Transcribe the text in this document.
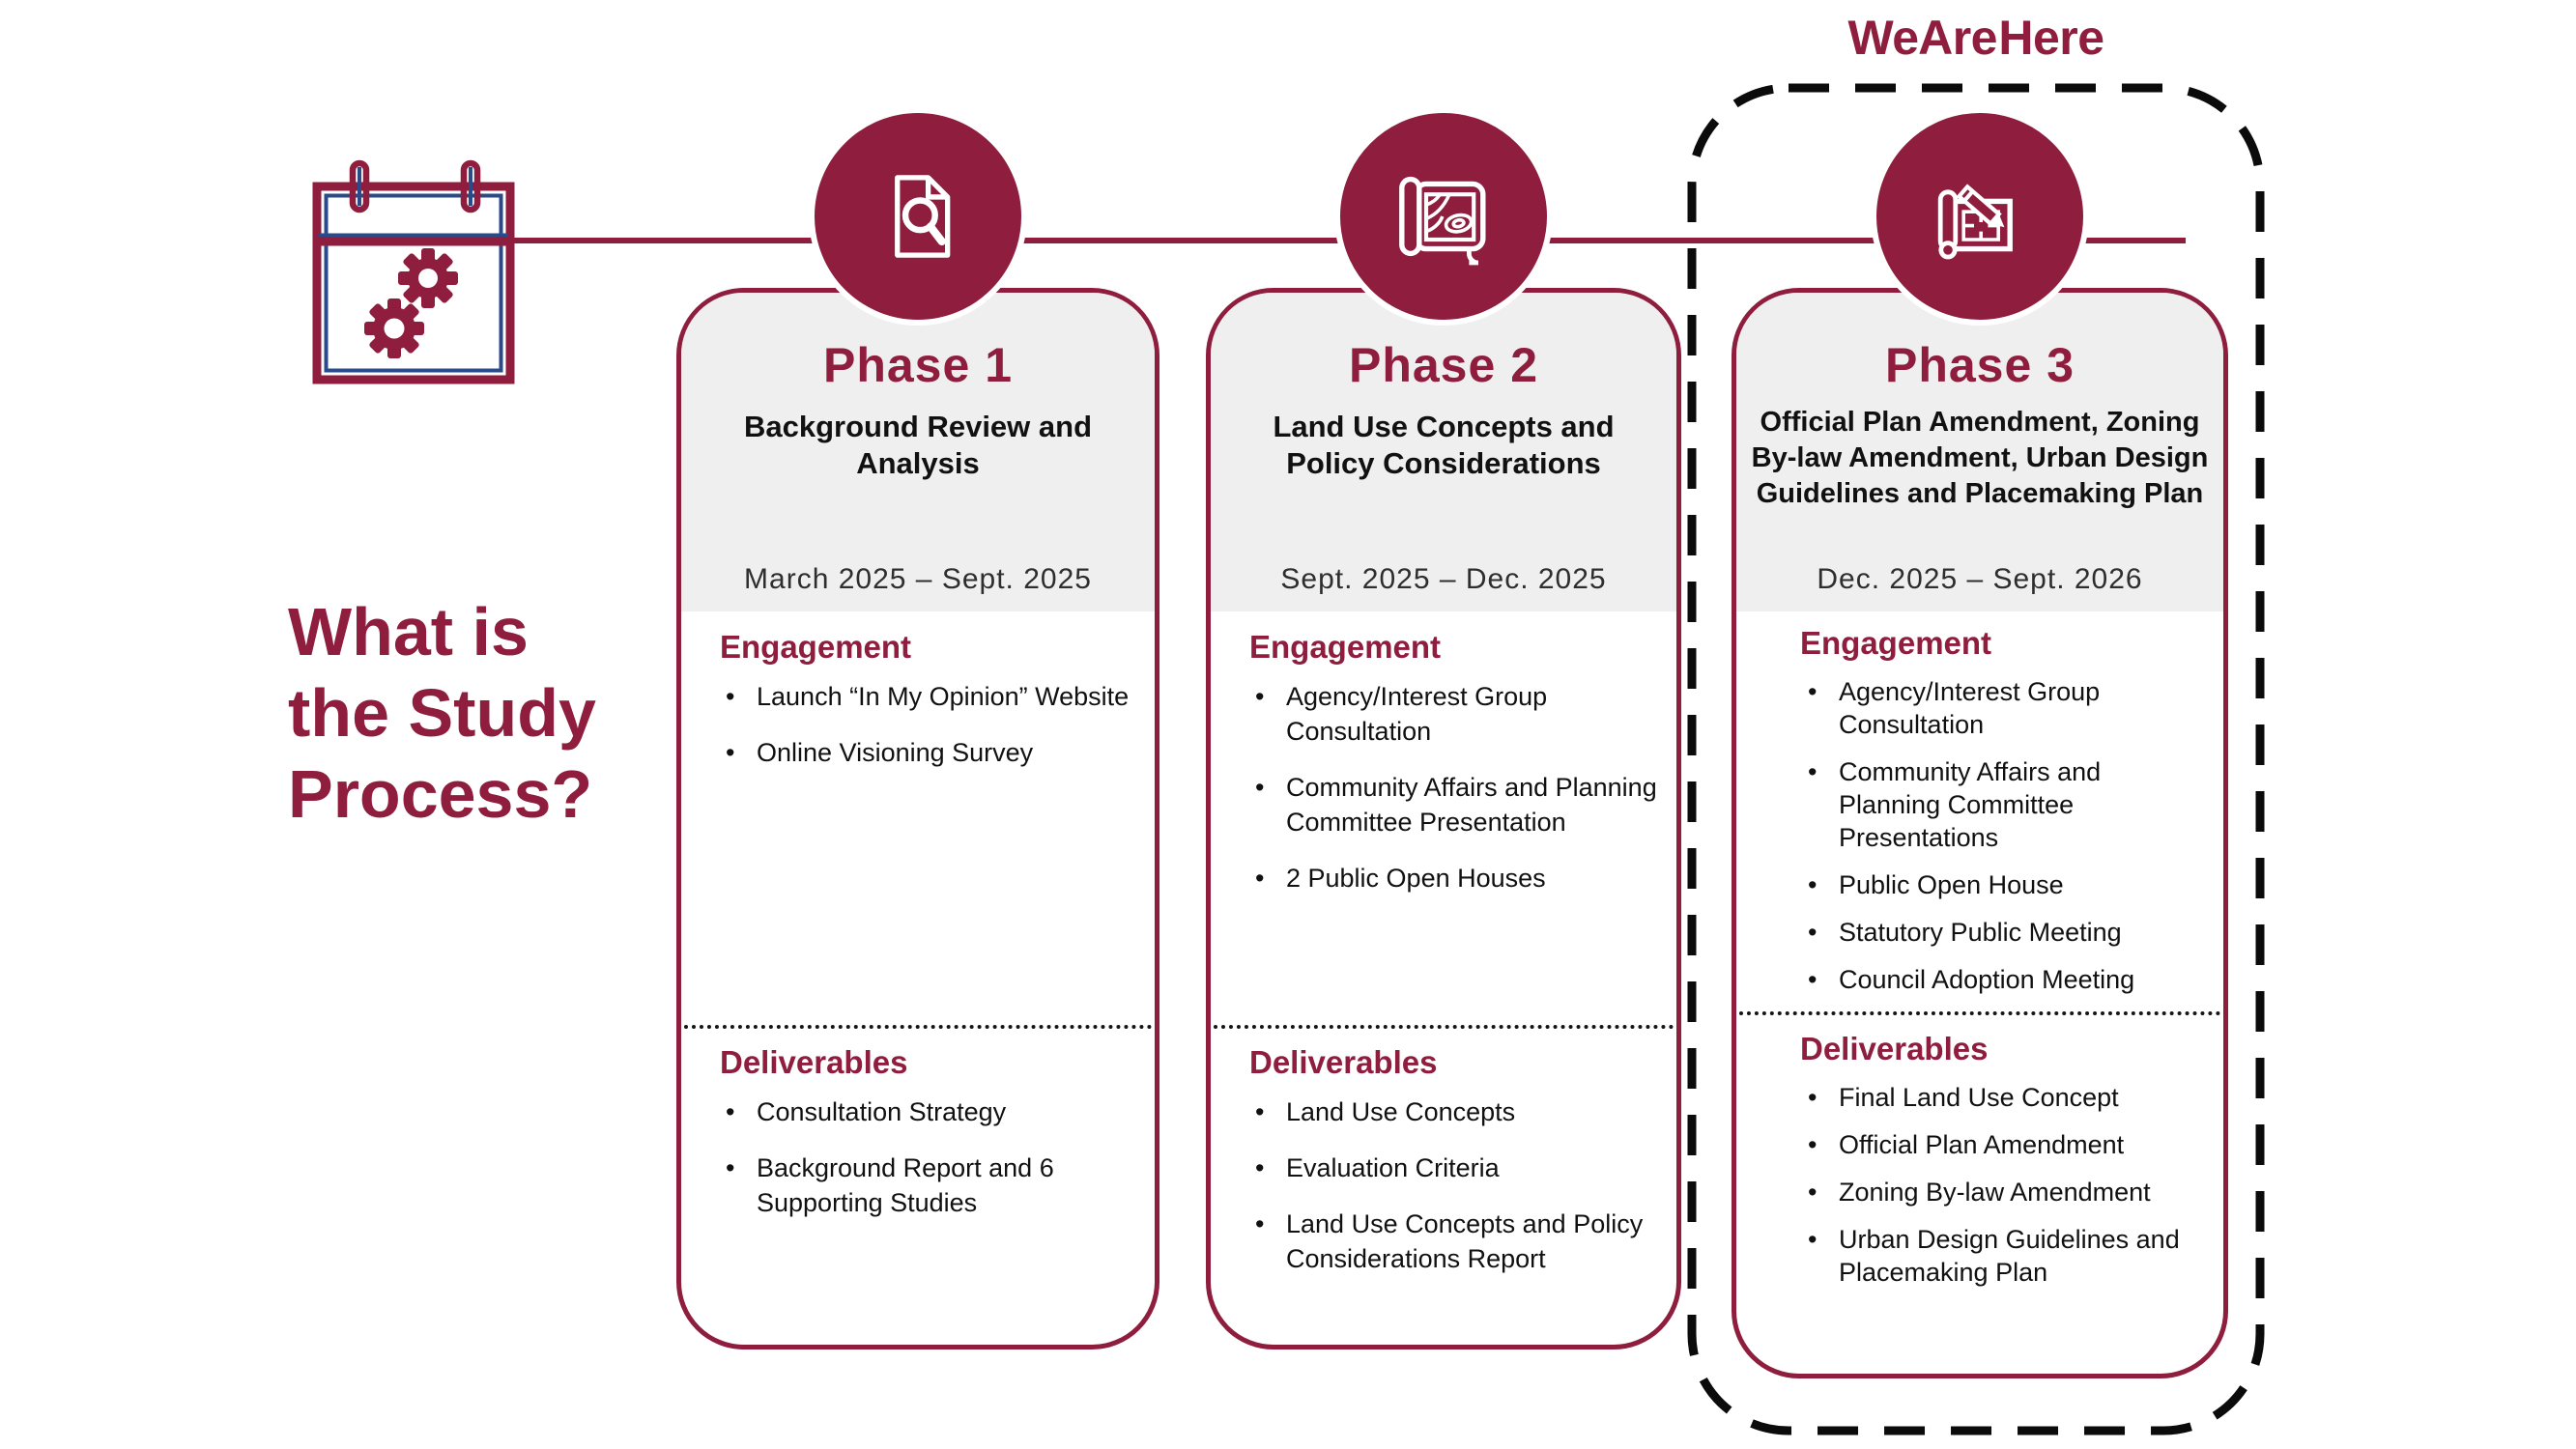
What is
the Study
Process?
We Are Here
Phase 1
Background Review and Analysis
March 2025 – Sept. 2025
Engagement
• Launch “In My Opinion” Website
• Online Visioning Survey
Deliverables
• Consultation Strategy
• Background Report and 6 Supporting Studies
Phase 2
Land Use Concepts and Policy Considerations
Sept. 2025 – Dec. 2025
Engagement
• Agency/Interest Group Consultation
• Community Affairs and Planning Committee Presentation
• 2 Public Open Houses
Deliverables
• Land Use Concepts
• Evaluation Criteria
• Land Use Concepts and Policy Considerations Report
Phase 3
Official Plan Amendment, Zoning By-law Amendment, Urban Design Guidelines and Placemaking Plan
Dec. 2025 – Sept. 2026
Engagement
• Agency/Interest Group Consultation
• Community Affairs and Planning Committee Presentations
• Public Open House
• Statutory Public Meeting
• Council Adoption Meeting
Deliverables
• Final Land Use Concept
• Official Plan Amendment
• Zoning By-law Amendment
• Urban Design Guidelines and Placemaking Plan
